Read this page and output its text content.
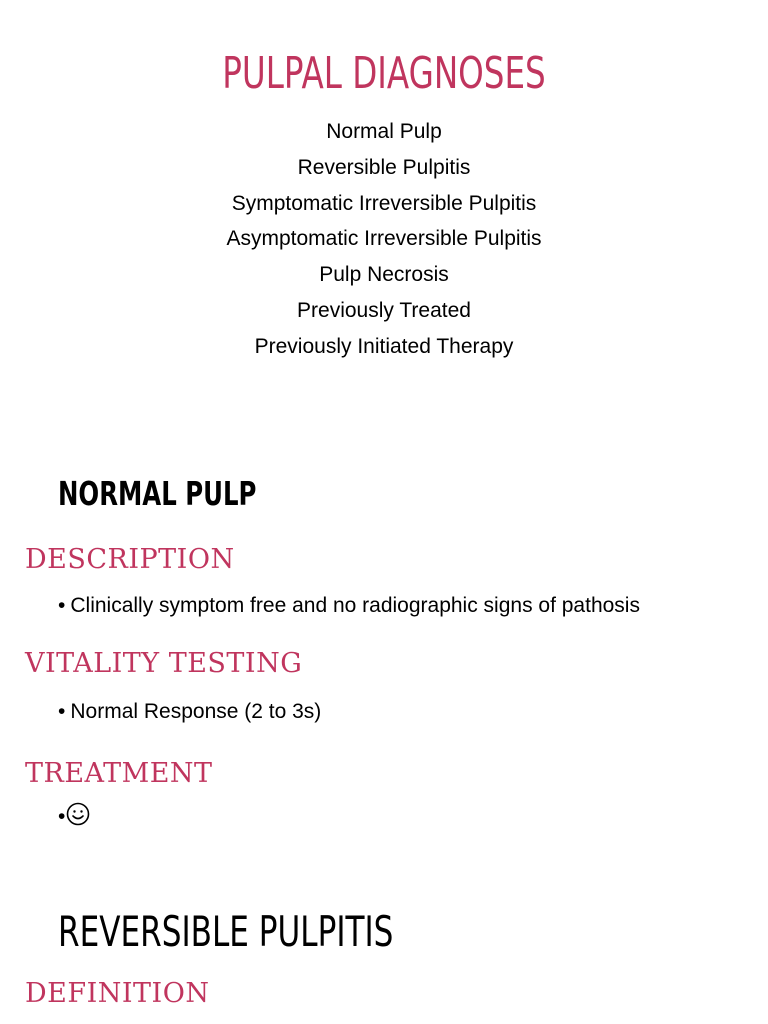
PULPAL DIAGNOSES
Normal Pulp
Reversible Pulpitis
Symptomatic Irreversible Pulpitis
Asymptomatic Irreversible Pulpitis
Pulp Necrosis
Previously Treated
Previously Initiated Therapy
NORMAL PULP
DESCRIPTION

• Clinically symptom free and no radiographic signs of pathosis

VITALITY TESTING

• Normal Response (2 to 3s)

TREATMENT

•

REVERSIBLE PULPITIS
DEFINITION
